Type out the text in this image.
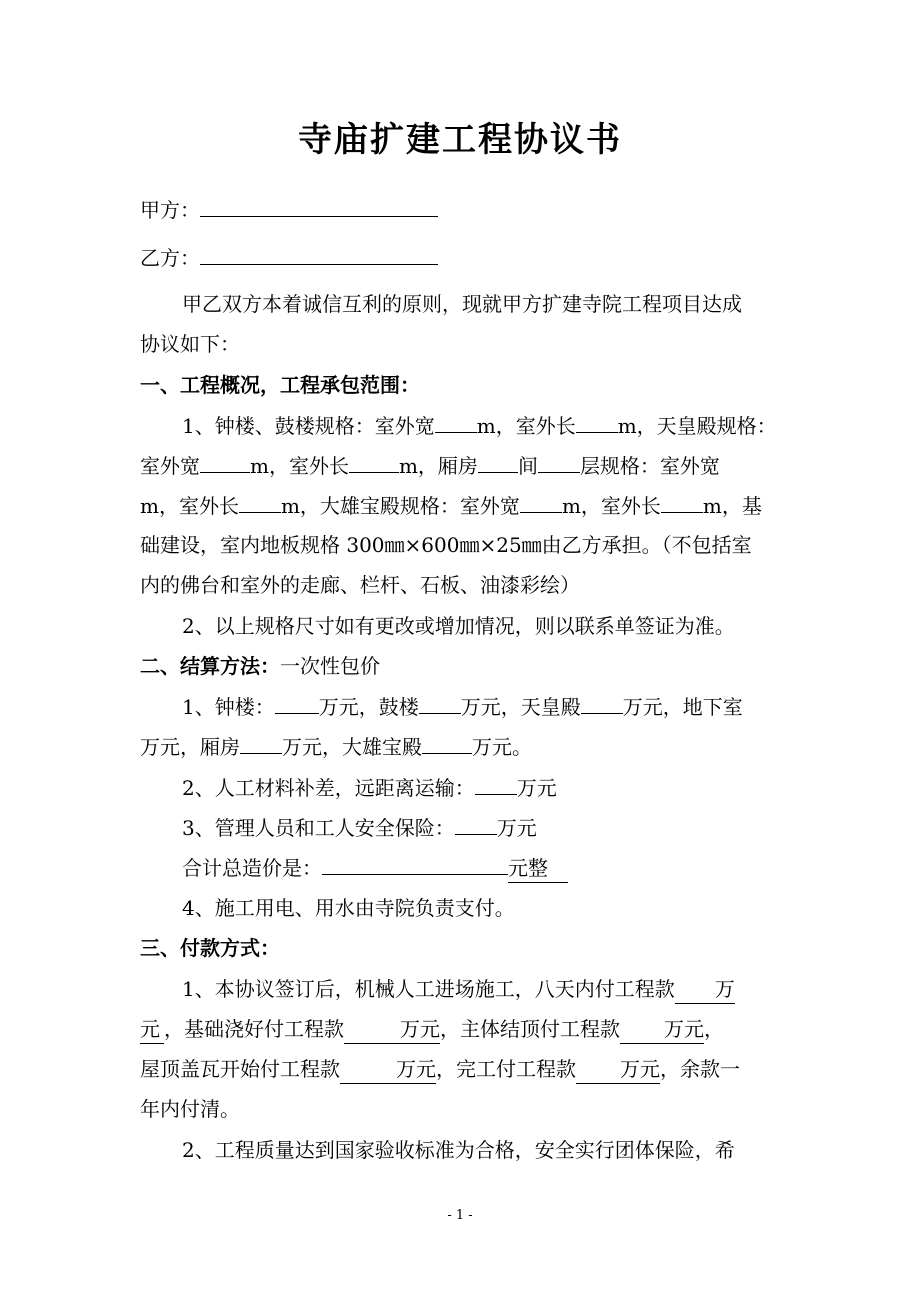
寺庙扩建工程协议书
甲方：
乙方：
甲乙双方本着诚信互利的原则，现就甲方扩建寺院工程项目达成
协议如下：
一、工程概况，工程承包范围：
1、钟楼、鼓楼规格：室外宽 m，室外长 m，天皇殿规格：
室外宽	m，室外长	m，厢房 间 层规格：室外宽
m，室外长 m，大雄宝殿规格：室外宽 m，室外长 m，基
础建设，室内地板规格 300㎜×600㎜×25㎜由乙方承担。（不包括室
内的佛台和室外的走廊、栏杆、石板、油漆彩绘）
2、以上规格尺寸如有更改或增加情况，则以联系单签证为准。
二、结算方法：一次性包价
1、钟楼： 万元，鼓楼 万元，天皇殿 万元，地下室
万元，厢房 万元，大雄宝殿	万元。
2、人工材料补差，远距离运输： 万元
3、管理人员和工人安全保险： 万元
合计总造价是：	元整
4、施工用电、用水由寺院负责支付。
三、付款方式：
1、本协议签订后，机械人工进场施工，八天内付工程款 万
元 ，基础浇好付工程款	万元，主体结顶付工程款 万元，
屋顶盖瓦开始付工程款	万元，完工付工程款 万元，余款一
年内付清。
2、工程质量达到国家验收标准为合格，安全实行团体保险，希
- 1 -
